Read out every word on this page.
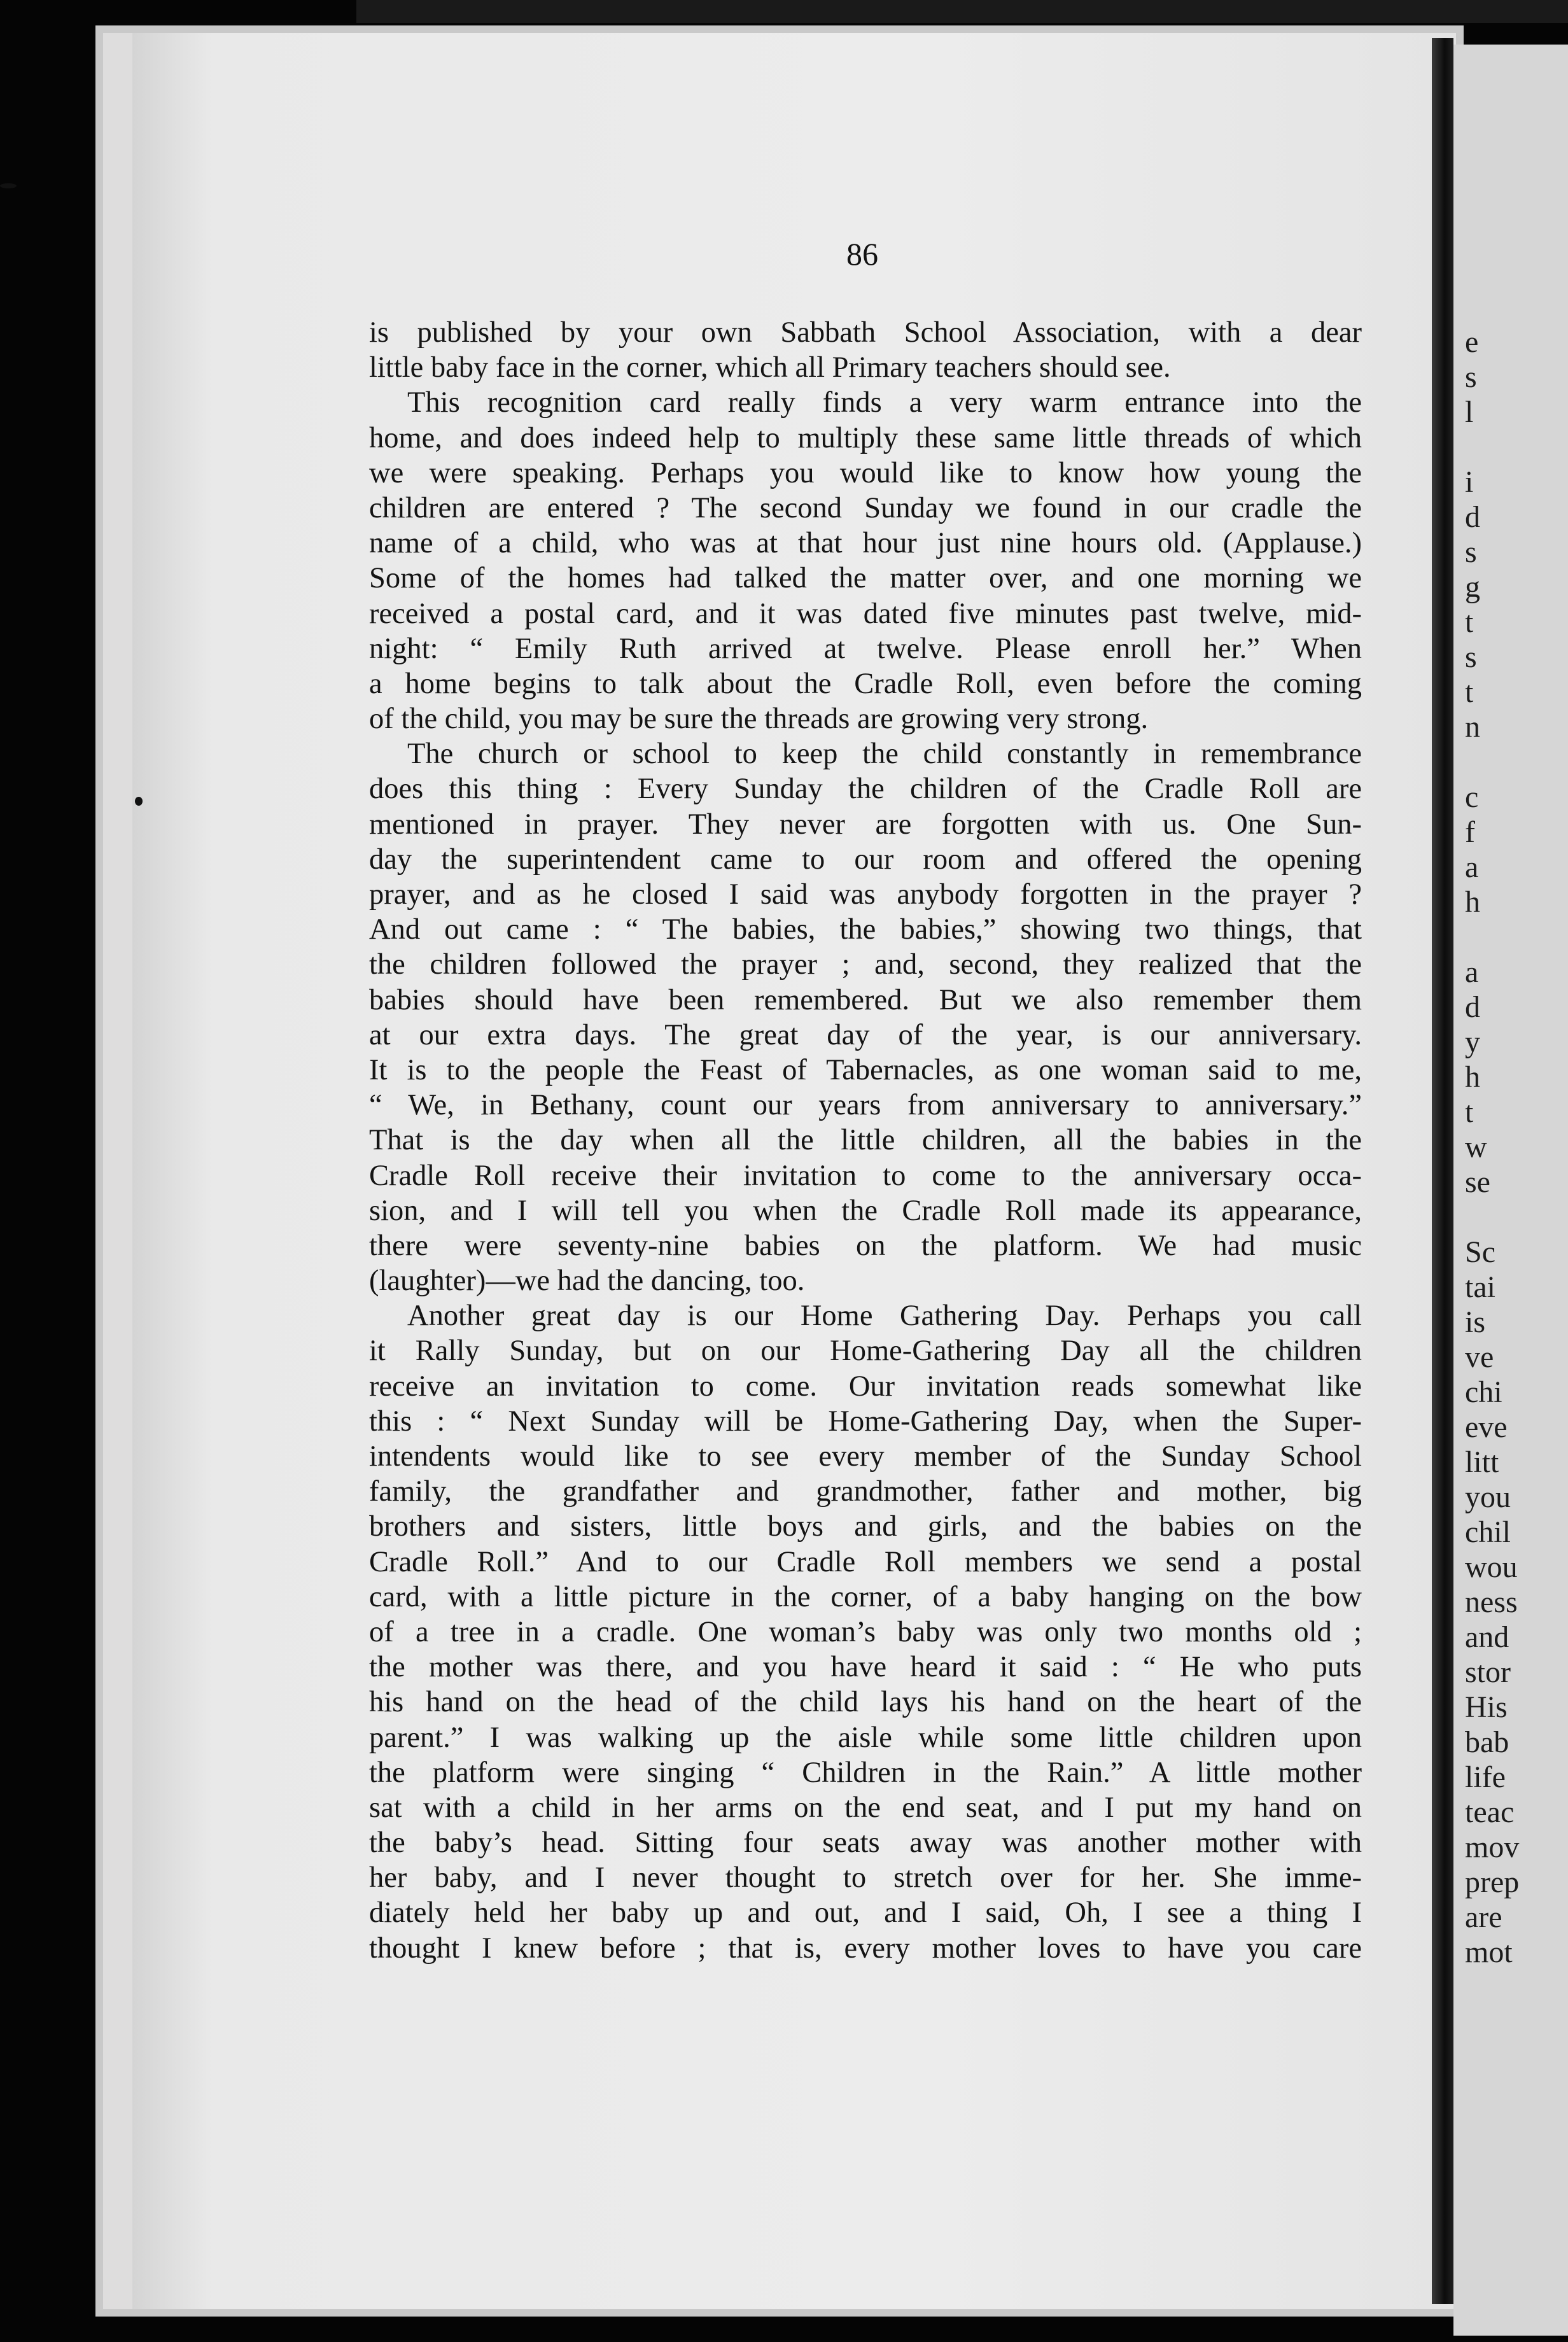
e
s
l
i
d
s
g
t
s
t
n
c
f
a
h
a
d
y
h
t
w
se
Sc
tai
is
ve
chi
eve
litt
you
chil
wou
ness
and
stor
His
bab
life
teac
mov
prep
are
mot
86
is published by your own Sabbath School Association, with a dear
little baby face in the corner, which all Primary teachers should see.
This recognition card really finds a very warm entrance into the
home, and does indeed help to multiply these same little threads of which
we were speaking. Perhaps you would like to know how young the
children are entered ? The second Sunday we found in our cradle the
name of a child, who was at that hour just nine hours old. (Applause.)
Some of the homes had talked the matter over, and one morning we
received a postal card, and it was dated five minutes past twelve, mid-
night: “ Emily Ruth arrived at twelve. Please enroll her.” When
a home begins to talk about the Cradle Roll, even before the coming
of the child, you may be sure the threads are growing very strong.
The church or school to keep the child constantly in remembrance
does this thing : Every Sunday the children of the Cradle Roll are
mentioned in prayer. They never are forgotten with us. One Sun-
day the superintendent came to our room and offered the opening
prayer, and as he closed I said was anybody forgotten in the prayer ?
And out came : “ The babies, the babies,” showing two things, that
the children followed the prayer ; and, second, they realized that the
babies should have been remembered. But we also remember them
at our extra days. The great day of the year, is our anniversary.
It is to the people the Feast of Tabernacles, as one woman said to me,
“ We, in Bethany, count our years from anniversary to anniversary.”
That is the day when all the little children, all the babies in the
Cradle Roll receive their invitation to come to the anniversary occa-
sion, and I will tell you when the Cradle Roll made its appearance,
there were seventy-nine babies on the platform. We had music
(laughter)—we had the dancing, too.
Another great day is our Home Gathering Day. Perhaps you call
it Rally Sunday, but on our Home-Gathering Day all the children
receive an invitation to come. Our invitation reads somewhat like
this : “ Next Sunday will be Home-Gathering Day, when the Super-
intendents would like to see every member of the Sunday School
family, the grandfather and grandmother, father and mother, big
brothers and sisters, little boys and girls, and the babies on the
Cradle Roll.” And to our Cradle Roll members we send a postal
card, with a little picture in the corner, of a baby hanging on the bow
of a tree in a cradle. One woman’s baby was only two months old ;
the mother was there, and you have heard it said : “ He who puts
his hand on the head of the child lays his hand on the heart of the
parent.” I was walking up the aisle while some little children upon
the platform were singing “ Children in the Rain.” A little mother
sat with a child in her arms on the end seat, and I put my hand on
the baby’s head. Sitting four seats away was another mother with
her baby, and I never thought to stretch over for her. She imme-
diately held her baby up and out, and I said, Oh, I see a thing I
thought I knew before ; that is, every mother loves to have you care
